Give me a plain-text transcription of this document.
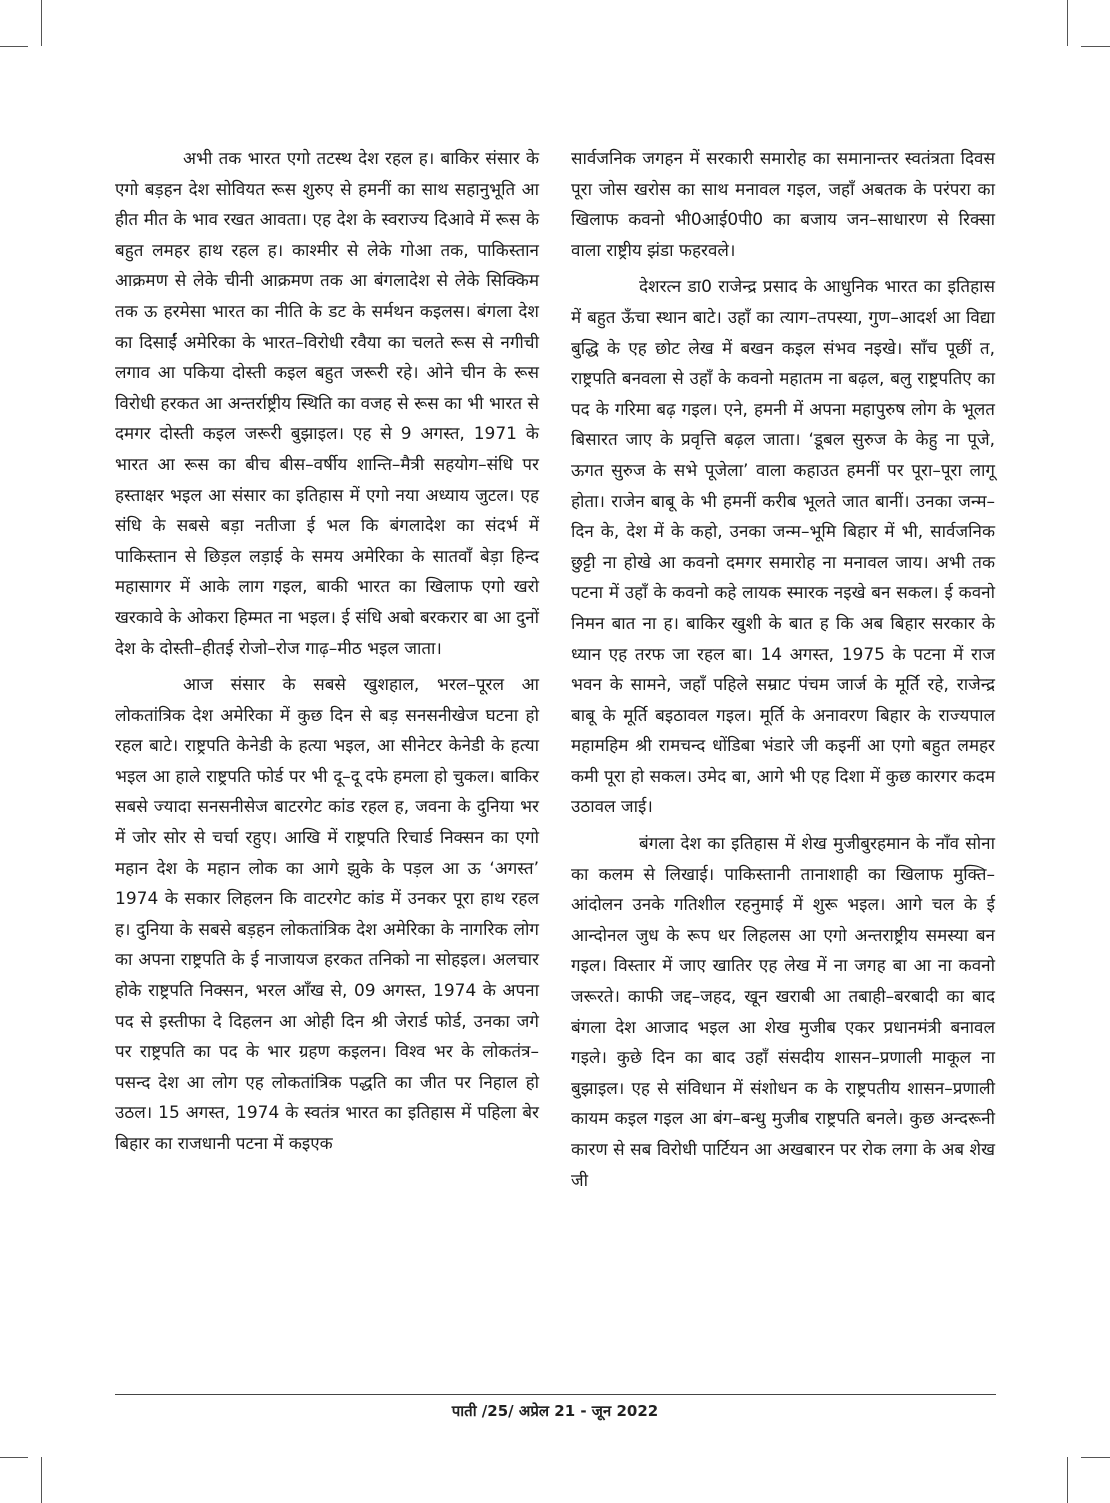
अभी तक भारत एगो तटस्थ देश रहल ह। बाकिर संसार के एगो बड़हन देश सोवियत रूस शुरुए से हमनीं का साथ सहानुभूति आ हीत मीत के भाव रखत आवता। एह देश के स्वराज्य दिआवे में रूस के बहुत लमहर हाथ रहल ह। काश्मीर से लेके गोआ तक, पाकिस्तान आक्रमण से लेके चीनी आक्रमण तक आ बंगलादेश से लेके सिक्किम तक ऊ हरमेसा भारत का नीति के डट के सर्मथन कइलस। बंगला देश का दिसाईं अमेरिका के भारत–विरोधी रवैया का चलते रूस से नगीची लगाव आ पकिया दोस्ती कइल बहुत जरूरी रहे। ओने चीन के रूस विरोधी हरकत आ अन्तर्राष्ट्रीय स्थिति का वजह से रूस का भी भारत से दमगर दोस्ती कइल जरूरी बुझाइल। एह से 9 अगस्त, 1971 के भारत आ रूस का बीच बीस–वर्षीय शान्ति–मैत्री सहयोग–संधि पर हस्ताक्षर भइल आ संसार का इतिहास में एगो नया अध्याय जुटल। एह संधि के सबसे बड़ा नतीजा ई भल कि बंगलादेश का संदर्भ में पाकिस्तान से छिड़ल लड़ाई के समय अमेरिका के सातवाँ बेड़ा हिन्द महासागर में आके लाग गइल, बाकी भारत का खिलाफ एगो खरो खरकावे के ओकरा हिम्मत ना भइल। ई संधि अबो बरकरार बा आ दुनों देश के दोस्ती–हीतई रोजो–रोज गाढ़–मीठ भइल जाता।

आज संसार के सबसे खुशहाल, भरल–पूरल आ लोकतांत्रिक देश अमेरिका में कुछ दिन से बड़ सनसनीखेज घटना हो रहल बाटे। राष्ट्रपति केनेडी के हत्या भइल, आ सीनेटर केनेडी के हत्या भइल आ हाले राष्ट्रपति फोर्ड पर भी दू–दू दफे हमला हो चुकल। बाकिर सबसे ज्यादा सनसनीसेज बाटरगेट कांड रहल ह, जवना के दुनिया भर में जोर सोर से चर्चा रहुए। आखि में राष्ट्रपति रिचार्ड निक्सन का एगो महान देश के महान लोक का आगे झुके के पड़ल आ ऊ ‘अगस्त’ 1974 के सकार लिहलन कि वाटरगेट कांड में उनकर पूरा हाथ रहल ह। दुनिया के सबसे बड़हन लोकतांत्रिक देश अमेरिका के नागरिक लोग का अपना राष्ट्रपति के ई नाजायज हरकत तनिको ना सोहइल। अलचार होके राष्ट्रपति निक्सन, भरल आँख से, 09 अगस्त, 1974 के अपना पद से इस्तीफा दे दिहलन आ ओही दिन श्री जेरार्ड फोर्ड, उनका जगे पर राष्ट्रपति का पद के भार ग्रहण कइलन। विश्व भर के लोकतंत्र–पसन्द देश आ लोग एह लोकतांत्रिक पद्धति का जीत पर निहाल हो उठल। 15 अगस्त, 1974 के स्वतंत्र भारत का इतिहास में पहिला बेर बिहार का राजधानी पटना में कइएक

सार्वजनिक जगहन में सरकारी समारोह का समानान्तर स्वतंत्रता दिवस पूरा जोस खरोस का साथ मनावल गइल, जहाँ अबतक के परंपरा का खिलाफ कवनो भी0आई0पी0 का बजाय जन–साधारण से रिक्सा वाला राष्ट्रीय झंडा फहरवले।

देशरत्न डा0 राजेन्द्र प्रसाद के आधुनिक भारत का इतिहास में बहुत ऊँचा स्थान बाटे। उहाँ का त्याग–तपस्या, गुण–आदर्श आ विद्या बुद्धि के एह छोट लेख में बखन कइल संभव नइखे। साँच पूछीं त, राष्ट्रपति बनवला से उहाँ के कवनो महातम ना बढ़ल, बलु राष्ट्रपतिए का पद के गरिमा बढ़ गइल। एने, हमनी में अपना महापुरुष लोग के भूलत बिसारत जाए के प्रवृत्ति बढ़ल जाता। ‘डूबल सुरुज के केहु ना पूजे, ऊगत सुरुज के सभे पूजेला’ वाला कहाउत हमनीं पर पूरा–पूरा लागू होता। राजेन बाबू के भी हमनीं करीब भूलते जात बानीं। उनका जन्म–दिन के, देश में के कहो, उनका जन्म–भूमि बिहार में भी, सार्वजनिक छुट्टी ना होखे आ कवनो दमगर समारोह ना मनावल जाय। अभी तक पटना में उहाँ के कवनो कहे लायक स्मारक नइखे बन सकल। ई कवनो निमन बात ना ह। बाकिर खुशी के बात ह कि अब बिहार सरकार के ध्यान एह तरफ जा रहल बा। 14 अगस्त, 1975 के पटना में राज भवन के सामने, जहाँ पहिले सम्राट पंचम जार्ज के मूर्ति रहे, राजेन्द्र बाबू के मूर्ति बइठावल गइल। मूर्ति के अनावरण बिहार के राज्यपाल महामहिम श्री रामचन्द धोंडिबा भंडारे जी कइनीं आ एगो बहुत लमहर कमी पूरा हो सकल। उमेद बा, आगे भी एह दिशा में कुछ कारगर कदम उठावल जाई।

बंगला देश का इतिहास में शेख मुजीबुरहमान के नाँव सोना का कलम से लिखाई। पाकिस्तानी तानाशाही का खिलाफ मुक्ति–आंदोलन उनके गतिशील रहनुमाई में शुरू भइल। आगे चल के ई आन्दोनल जुध के रूप धर लिहलस आ एगो अन्तराष्ट्रीय समस्या बन गइल। विस्तार में जाए खातिर एह लेख में ना जगह बा आ ना कवनो जरूरते। काफी जद्द–जहद, खून खराबी आ तबाही–बरबादी का बाद बंगला देश आजाद भइल आ शेख मुजीब एकर प्रधानमंत्री बनावल गइले। कुछे दिन का बाद उहाँ संसदीय शासन–प्रणाली माकूल ना बुझाइल। एह से संविधान में संशोधन क के राष्ट्रपतीय शासन–प्रणाली कायम कइल गइल आ बंग–बन्धु मुजीब राष्ट्रपति बनले। कुछ अन्दरूनी कारण से सब विरोधी पार्टियन आ अखबारन पर रोक लगा के अब शेख जी

पाती /25/ अप्रेल 21 - जून 2022
